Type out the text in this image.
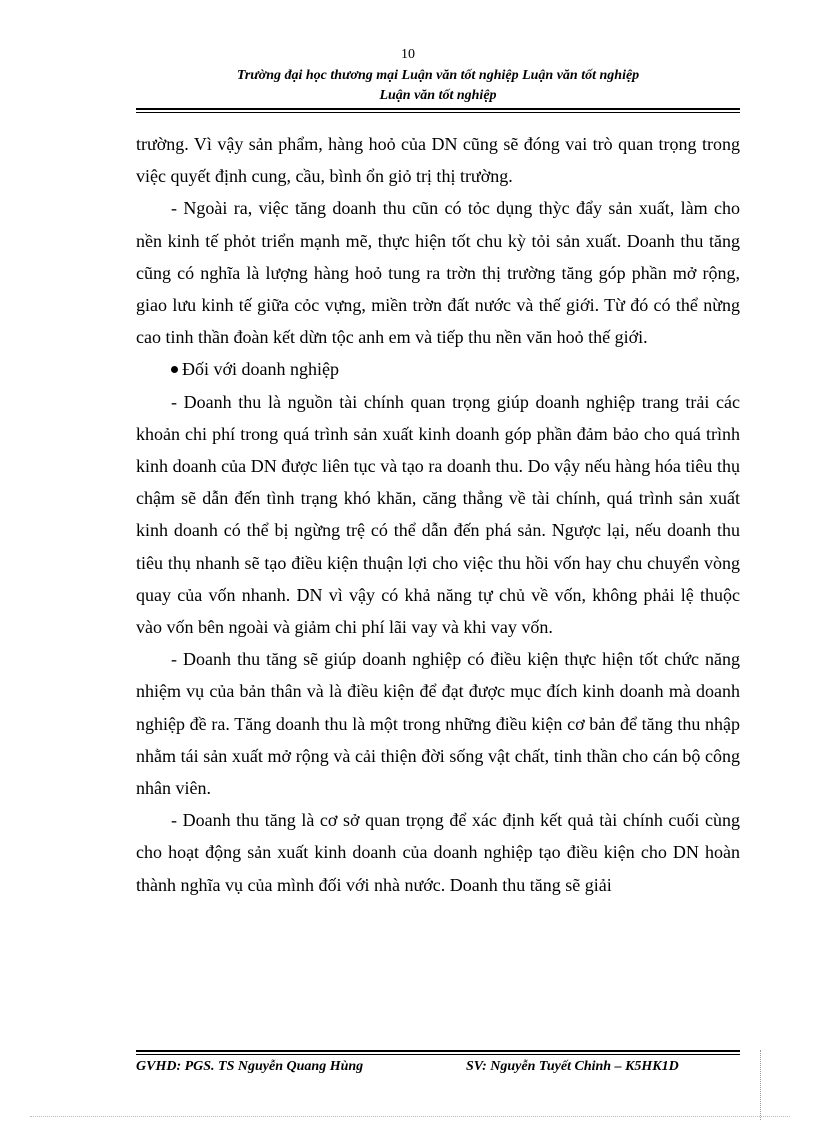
10
Trường đại học thương mại Luận văn tốt nghiệp Luận văn tốt nghiệp
Luận văn tốt nghiệp

trường. Vì vậy sản phẩm, hàng hoỏ của DN cũng sẽ đóng vai trò quan trọng trong việc quyết định cung, cầu, bình ổn giỏ trị thị trường.

- Ngoài ra, việc tăng doanh thu cũn có tỏc dụng thỳc đẩy sản xuất, làm cho nền kinh tế phỏt triển mạnh mẽ, thực hiện tốt chu kỳ tỏi sản xuất. Doanh thu tăng cũng có nghĩa là lượng hàng hoỏ tung ra trờn thị trường tăng góp phần mở rộng, giao lưu kinh tế giữa cỏc vựng, miền trờn đất nước và thế giới. Từ đó có thể nừng cao tinh thần đoàn kết dừn tộc anh em và tiếp thu nền văn hoỏ thế giới.

Đối với doanh nghiệp

- Doanh thu là nguồn tài chính quan trọng giúp doanh nghiệp trang trải các khoản chi phí trong quá trình sản xuất kinh doanh góp phần đảm bảo cho quá trình kinh doanh của DN được liên tục và tạo ra doanh thu. Do vậy nếu hàng hóa tiêu thụ chậm sẽ dẫn đến tình trạng khó khăn, căng thẳng về tài chính, quá trình sản xuất kinh doanh có thể bị ngừng trệ có thể dẫn đến phá sản. Ngược lại, nếu doanh thu tiêu thụ nhanh sẽ tạo điều kiện thuận lợi cho việc thu hồi vốn hay chu chuyển vòng quay của vốn nhanh. DN vì vậy có khả năng tự chủ về vốn, không phải lệ thuộc vào vốn bên ngoài và giảm chi phí lãi vay và khi vay vốn.

- Doanh thu tăng sẽ giúp doanh nghiệp có điều kiện thực hiện tốt chức năng nhiệm vụ của bản thân và là điều kiện để đạt được mục đích kinh doanh mà doanh nghiệp đề ra. Tăng doanh thu là một trong những điều kiện cơ bản để tăng thu nhập nhằm tái sản xuất mở rộng và cải thiện đời sống vật chất, tinh thần cho cán bộ công nhân viên.

- Doanh thu tăng là cơ sở quan trọng để xác định kết quả tài chính cuối cùng cho hoạt động sản xuất kinh doanh của doanh nghiệp tạo điều kiện cho DN hoàn thành nghĩa vụ của mình đối với nhà nước. Doanh thu tăng sẽ giải

GVHD: PGS. TS Nguyễn Quang Hùng	SV: Nguyễn Tuyết Chinh – K5HK1D
